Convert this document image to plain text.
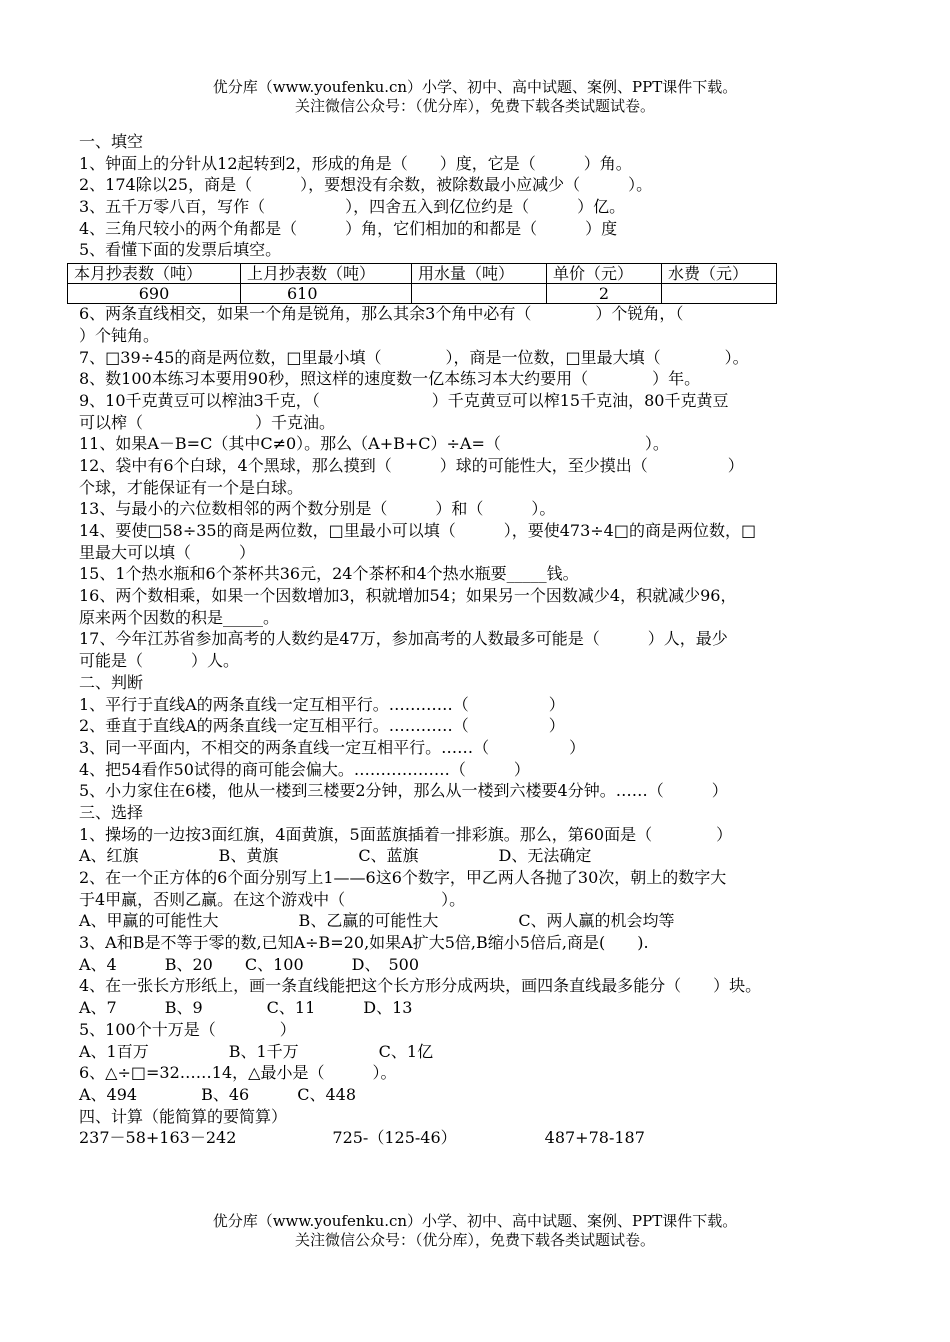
优分库（www.youfenku.cn）小学、初中、高中试题、案例、PPT课件下载。
关注微信公众号：（优分库），免费下载各类试题试卷。
一、填空
1、钟面上的分针从12起转到2，形成的角是（　　）度，它是（　　　）角。
2、174除以25，商是（　　　），要想没有余数，被除数最小应减少（　　　）。
3、五千万零八百，写作（　　　　　），四舍五入到亿位约是（　　　）亿。
4、三角尺较小的两个角都是（　　　）角，它们相加的和都是（　　　）度
5、看懂下面的发票后填空。
本月抄表数（吨）	上月抄表数（吨）	用水量（吨）	单价（元）	水费（元）
690	610		2	
6、两条直线相交，如果一个角是锐角，那么其余3个角中必有（　　　　）个锐角，（
）个钝角。
7、□39÷45的商是两位数，□里最小填（　　　　），商是一位数，□里最大填（　　　　）。
8、数100本练习本要用90秒，照这样的速度数一亿本练习本大约要用（　　　　）年。
9、10千克黄豆可以榨油3千克，（　　　　　　　）千克黄豆可以榨15千克油，80千克黄豆
可以榨（　　　　　　　）千克油。
11、如果A－B=C（其中C≠0）。那么（A+B+C）÷A=（　　　　　　　　　）。
12、袋中有6个白球，4个黑球，那么摸到（　　　）球的可能性大，至少摸出（　　　　　）
个球，才能保证有一个是白球。
13、与最小的六位数相邻的两个数分别是（　　　）和（　　　）。
14、要使□58÷35的商是两位数，□里最小可以填（　　　），要使473÷4□的商是两位数，□
里最大可以填（　　　）
15、1个热水瓶和6个茶杯共36元，24个茶杯和4个热水瓶要_____钱。
16、两个数相乘，如果一个因数增加3，积就增加54；如果另一个因数减少4，积就减少96，
原来两个因数的积是_____。
17、今年江苏省参加高考的人数约是47万，参加高考的人数最多可能是（　　　）人，最少
可能是（　　　）人。
二、判断
1、平行于直线A的两条直线一定互相平行。…………（　　　　　）
2、垂直于直线A的两条直线一定互相平行。…………（　　　　　）
3、同一平面内，不相交的两条直线一定互相平行。……（　　　　　）
4、把54看作50试得的商可能会偏大。………………（　　　）
5、小力家住在6楼，他从一楼到三楼要2分钟，那么从一楼到六楼要4分钟。……（　　　）
三、选择
1、操场的一边按3面红旗，4面黄旗，5面蓝旗插着一排彩旗。那么，第60面是（　　　　）
A、红旗　　　　　B、黄旗　　　　　C、蓝旗　　　　　D、无法确定
2、在一个正方体的6个面分别写上1——6这6个数字，甲乙两人各抛了30次，朝上的数字大
于4甲赢，否则乙赢。在这个游戏中（　　　　　　）。
A、甲赢的可能性大　　　　　B、乙赢的可能性大　　　　　C、两人赢的机会均等
3、A和B是不等于零的数,已知A÷B=20,如果A扩大5倍,B缩小5倍后,商是(　　).
A、4　　　B、20　　C、100　　　D、　500
4、在一张长方形纸上，画一条直线能把这个长方形分成两块，画四条直线最多能分（　　）块。
A、7　　　B、9　　　　C、11　　　D、13
5、100个十万是（　　　　）
A、1百万　　　　　B、1千万　　　　　C、1亿
6、△÷□=32……14，△最小是（　　　）。
A、494　　　　B、46　　　C、448
四、计算（能简算的要简算）
237－58+163－242　　　　　　725-（125-46）　　　　　　487+78-187
优分库（www.youfenku.cn）小学、初中、高中试题、案例、PPT课件下载。
关注微信公众号：（优分库），免费下载各类试题试卷。
